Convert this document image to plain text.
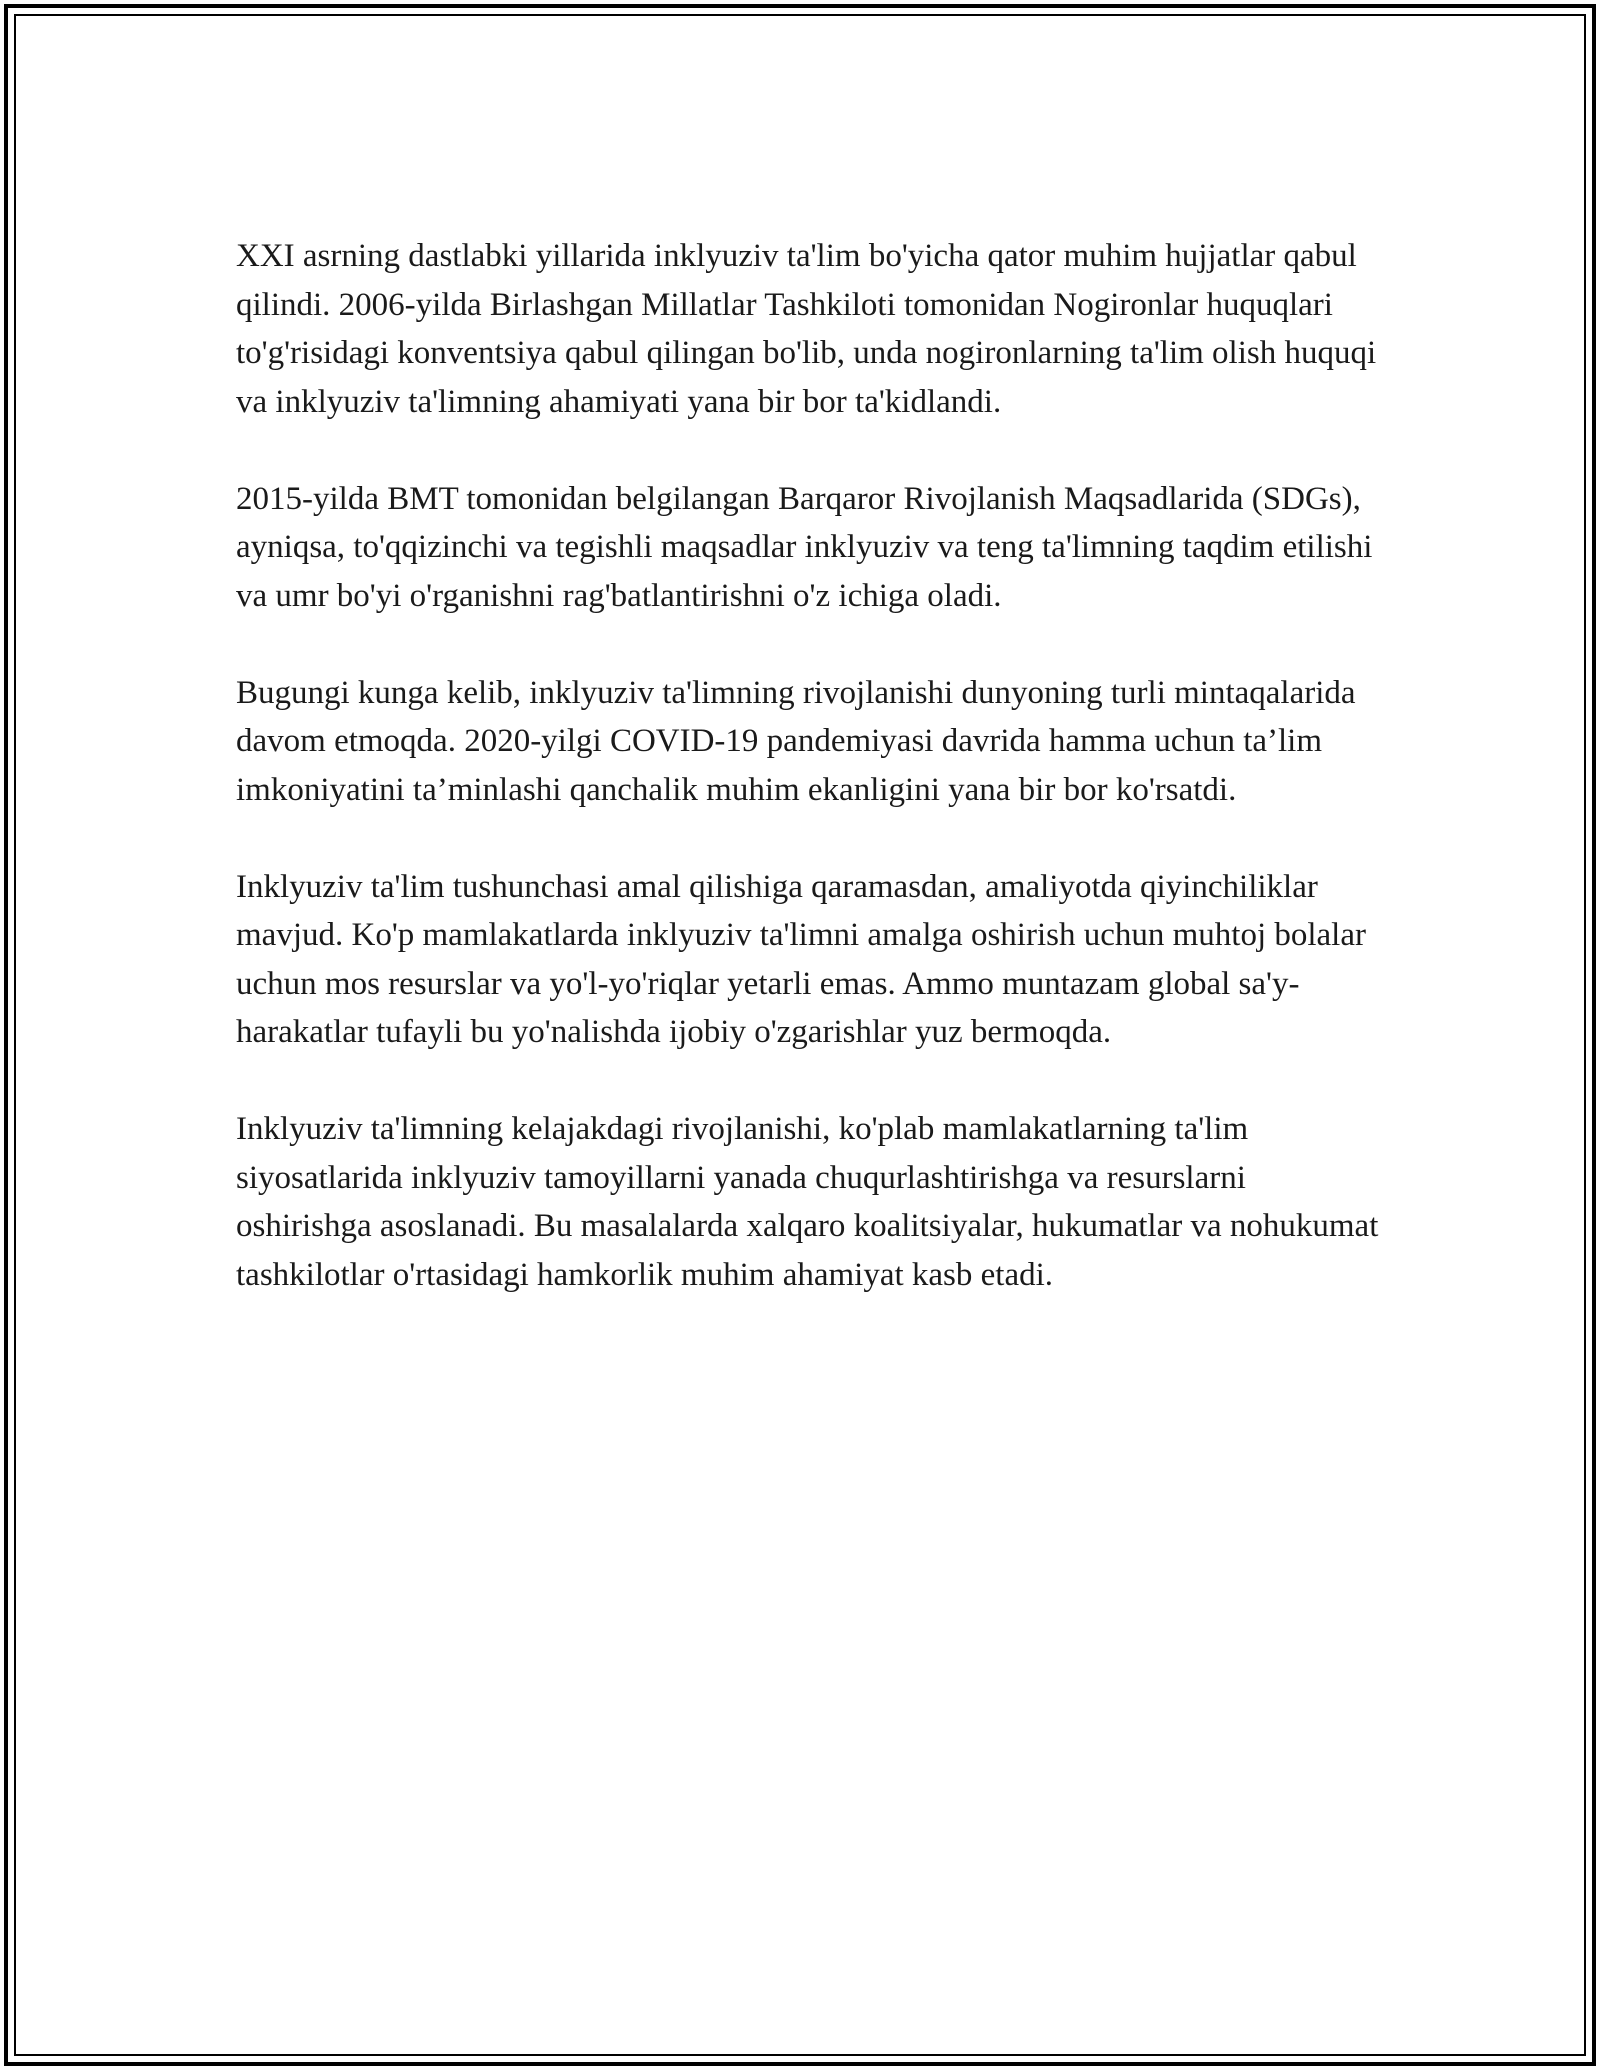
XXI asrning dastlabki yillarida inklyuziv ta'lim bo'yicha qator muhim hujjatlar qabul qilindi. 2006-yilda Birlashgan Millatlar Tashkiloti tomonidan Nogironlar huquqlari to'g'risidagi konventsiya qabul qilingan bo'lib, unda nogironlarning ta'lim olish huquqi va inklyuziv ta'limning ahamiyati yana bir bor ta'kidlandi.

2015-yilda BMT tomonidan belgilangan Barqaror Rivojlanish Maqsadlarida (SDGs), ayniqsa, to'qqizinchi va tegishli maqsadlar inklyuziv va teng ta'limning taqdim etilishi va umr bo'yi o'rganishni rag'batlantirishni o'z ichiga oladi.

Bugungi kunga kelib, inklyuziv ta'limning rivojlanishi dunyoning turli mintaqalarida davom etmoqda. 2020-yilgi COVID-19 pandemiyasi davrida hamma uchun ta’lim imkoniyatini ta’minlashi qanchalik muhim ekanligini yana bir bor ko'rsatdi.

Inklyuziv ta'lim tushunchasi amal qilishiga qaramasdan, amaliyotda qiyinchiliklar mavjud. Ko'p mamlakatlarda inklyuziv ta'limni amalga oshirish uchun muhtoj bolalar uchun mos resurslar va yo'l-yo'riqlar yetarli emas. Ammo muntazam global sa'y-harakatlar tufayli bu yo'nalishda ijobiy o'zgarishlar yuz bermoqda.

Inklyuziv ta'limning kelajakdagi rivojlanishi, ko'plab mamlakatlarning ta'lim siyosatlarida inklyuziv tamoyillarni yanada chuqurlashtirishga va resurslarni oshirishga asoslanadi. Bu masalalarda xalqaro koalitsiyalar, hukumatlar va nohukumat tashkilotlar o'rtasidagi hamkorlik muhim ahamiyat kasb etadi.
